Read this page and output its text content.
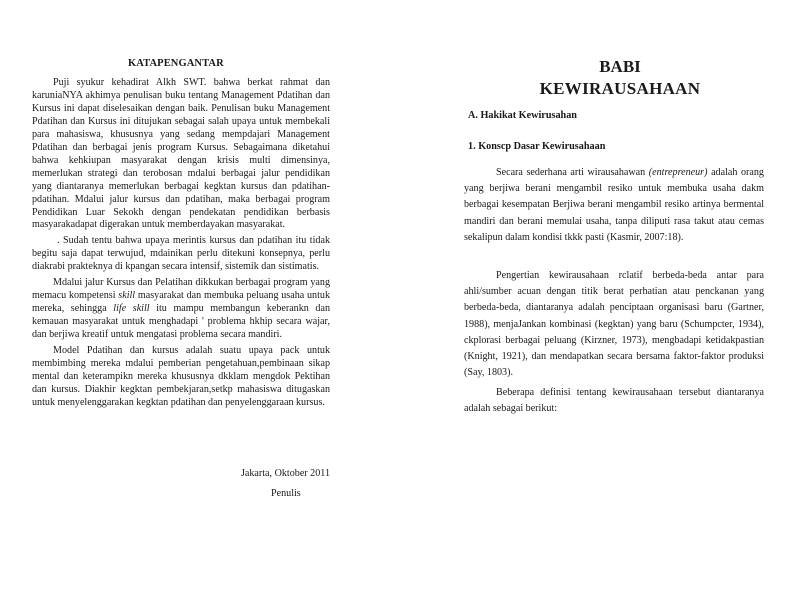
KATAPENGANTAR

Puji syukur kehadirat Alkh SWT. bahwa berkat rahmat dan karuniaNYA akhimya penulisan buku tentang Management Pdatihan dan Kursus ini dapat diselesaikan dengan baik. Penulisan buku Management Pdatihan dan Kursus ini ditujukan sebagai salah upaya untuk membekali para mahasiswa, khususnya yang sedang mempdajari Management Pdatihan dan berbagai jenis program Kursus. Sebagaimana diketahui bahwa kehkiupan masyarakat dengan krisis multi dimensinya, memerlukan strategi dan terobosan mdalui berbagai jalur pendidikan yang diantaranya memerlukan berbagai kegktan kursus dan pdatihan-pdatihan. Mdalui jalur kursus dan pdatihan, maka berbagai program Pendidikan Luar Sekokh dengan pendekatan pendidikan berbasis masyarakadapat digerakan untuk memberdayakan masyarakat.

. Sudah tentu bahwa upaya merintis kursus dan pdatihan itu tidak begitu saja dapat terwujud, mdainikan perlu ditekuni konsepnya, perlu diakrabi prakteknya di kpangan secara intensif, sistemik dan sistimatis.

Mdalui jalur Kursus dan Pelatihan dikkukan berbagai program yang memacu kompetensi skill masyarakat dan membuka peluang usaha untuk mereka, sehingga life skill itu mampu membangun keberankn dan kemauan masyarakat untuk menghadapi ' problema hkhip secara wajar, dan berjiwa kreatif untuk mengatasi problema secara mandiri.

Model Pdatihan dan kursus adalah suatu upaya pack untuk membimbing mereka mdalui pemberian pengetahuan,pembinaan sikap mental dan keterampikn mereka khususnya dkklam mengdok Pektihan dan kursus. Diakhir kegktan pembekjaran,setkp mahasiswa ditugaskan untuk menyelenggarakan kegktan pdatihan dan penyelenggaraan kursus.

Jakarta, Oktober 2011
Penulis
BABI
KEWIRAUSAHAAN
A. Hakikat Kewirusahan
1. Konscp Dasar Kewirusahaan

Secara sederhana arti wirausahawan (entrepreneur) adalah orang yang berjiwa berani mengambil resiko untuk membuka usaha dakm berbagai kesempatan Berjiwa berani mengambil resiko artinya bermental mandiri dan berani memulai usaha, tanpa diliputi rasa takut atau cemas sekalipun dalam kondisi tkkk pasti (Kasmir, 2007:18).

Pengertian kewirausahaan rclatif berbeda-beda antar para ahli/sumber acuan dengan titik berat perhatian atau penckanan yang berbeda-beda, diantaranya adalah penciptaan organisasi baru (Gartner, 1988), menjaJankan kombinasi (kegktan) yang baru (Schumpcter, 1934), ckplorasi berbagai peluang (Kirzner, 1973), mengbadapi ketidakpastian (Knight, 1921), dan mendapatkan secara bersama faktor-faktor produksi (Say, 1803).

Beberapa definisi tentang kewirausahaan tersebut diantaranya adalah sebagai berikut:
